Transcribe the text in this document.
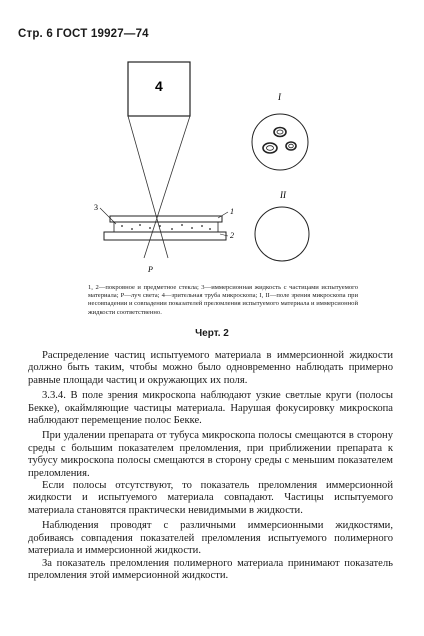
Стр. 6 ГОСТ 19927—74
4
3	1
2
P
I
II
1, 2—покровное и предметное стекла; 3—иммерсионная жидкость с частицами испытуемого материала; Р—луч света; 4—зрительная труба микроскопа; I, II—поле зрения микроскопа при несовпадении и совпадении показателей преломления испытуемого материала и иммерсионной жидкости соответственно.
Черт. 2

Распределение частиц испытуемого материала в иммерсионной жидкости должно быть таким, чтобы можно было одновременно наблюдать примерно равные площади частиц и окружающих их поля.

3.3.4. В поле зрения микроскопа наблюдают узкие светлые круги (полосы Бекке), окаймляющие частицы материала. Нарушая фокусировку микроскопа наблюдают перемещение полос Бекке.

При удалении препарата от тубуса микроскопа полосы смещаются в сторону среды с большим показателем преломления, при приближении препарата к тубусу микроскопа полосы смещаются в сторону среды с меньшим показателем преломления.

Если полосы отсутствуют, то показатель преломления иммерсионной жидкости и испытуемого материала совпадают. Частицы испытуемого материала становятся практически невидимыми в жидкости.

Наблюдения проводят с различными иммерсионными жидкостями, добиваясь совпадения показателей преломления испытуемого полимерного материала и иммерсионной жидкости.

За показатель преломления полимерного материала принимают показатель преломления этой иммерсионной жидкости.
